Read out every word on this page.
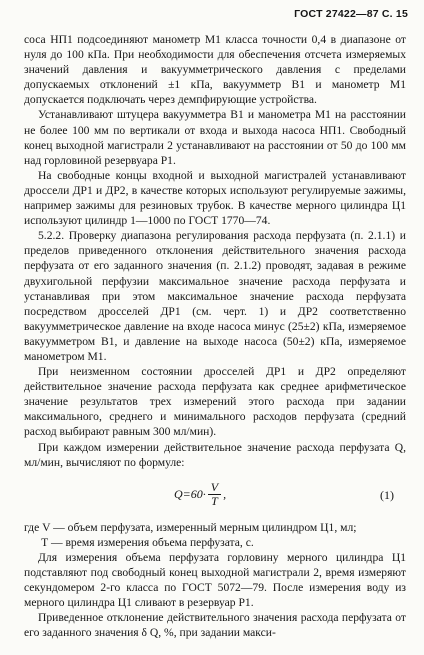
ГОСТ 27422—87 С. 15

соса НП1 подсоединяют манометр М1 класса точности 0,4 в диапазоне от нуля до 100 кПа. При необходимости для обеспечения отсчета измеряемых значений давления и вакуумметрического давления с пределами допускаемых отклонений ±1 кПа, вакуумметр В1 и манометр М1 допускается подключать через демпфирующие устройства.

Устанавливают штуцера вакуумметра В1 и манометра М1 на расстоянии не более 100 мм по вертикали от входа и выхода насоса НП1. Свободный конец выходной магистрали 2 устанавливают на расстоянии от 50 до 100 мм над горловиной резервуара Р1.

На свободные концы входной и выходной магистралей устанавливают дроссели ДР1 и ДР2, в качестве которых используют регулируемые зажимы, например зажимы для резиновых трубок. В качестве мерного цилиндра Ц1 используют цилиндр 1—1000 по ГОСТ 1770—74.

5.2.2. Проверку диапазона регулирования расхода перфузата (п. 2.1.1) и пределов приведенного отклонения действительного значения расхода перфузата от его заданного значения (п. 2.1.2) проводят, задавая в режиме двухигольной перфузии максимальное значение расхода перфузата и устанавливая при этом максимальное значение расхода перфузата посредством дросселей ДР1 (см. черт. 1) и ДР2 соответственно вакуумметрическое давление на входе насоса минус (25±2) кПа, измеряемое вакуумметром В1, и давление на выходе насоса (50±2) кПа, измеряемое манометром М1.

При неизменном состоянии дросселей ДР1 и ДР2 определяют действительное значение расхода перфузата как среднее арифметическое значение результатов трех измерений этого расхода при задании максимального, среднего и минимального расходов перфузата (средний расход выбирают равным 300 мл/мин).

При каждом измерении действительное значение расхода перфузата Q, мл/мин, вычисляют по формуле:

$Q=60\cdot \frac{V}{T}$ ,	(1)

где V — объем перфузата, измеренный мерным цилиндром Ц1, мл;

T — время измерения объема перфузата, с.

Для измерения объема перфузата горловину мерного цилиндра Ц1 подставляют под свободный конец выходной магистрали 2, время измеряют секундомером 2-го класса по ГОСТ 5072—79. После измерения воду из мерного цилиндра Ц1 сливают в резервуар Р1.

Приведенное отклонение действительного значения расхода перфузата от его заданного значения δ Q, %, при задании макси-
